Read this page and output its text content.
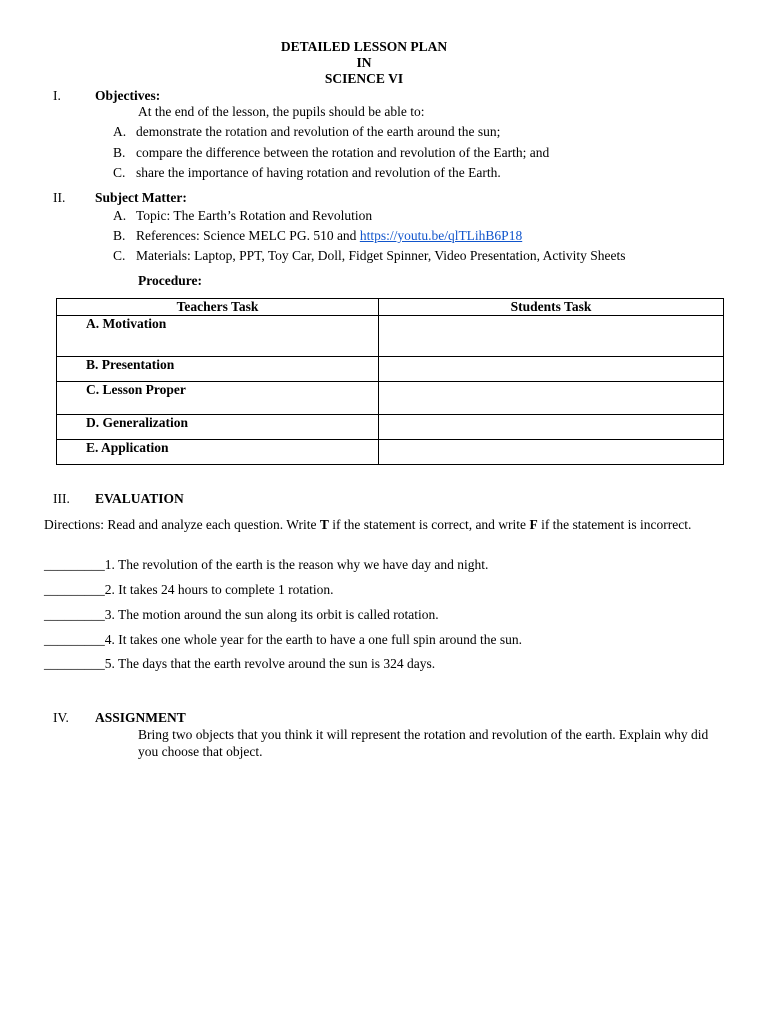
DETAILED LESSON PLAN
IN
SCIENCE VI
I.	Objectives:
At the end of the lesson, the pupils should be able to:
A. demonstrate the rotation and revolution of the earth around the sun;
B. compare the difference between the rotation and revolution of the Earth; and
C. share the importance of having rotation and revolution of the Earth.
II. Subject Matter:
A. Topic: The Earth’s Rotation and Revolution
B. References: Science MELC PG. 510 and https://youtu.be/qlTLihB6P18
C. Materials: Laptop, PPT, Toy Car, Doll, Fidget Spinner, Video Presentation, Activity Sheets
Procedure:
Teachers Task	Students Task
A. Motivation	
B. Presentation	
C. Lesson Proper	
D. Generalization	
E. Application	
III. EVALUATION
Directions: Read and analyze each question. Write T if the statement is correct, and write F if the statement is incorrect.
_________1. The revolution of the earth is the reason why we have day and night.
_________2. It takes 24 hours to complete 1 rotation.
_________3. The motion around the sun along its orbit is called rotation.
_________4. It takes one whole year for the earth to have a one full spin around the sun.
_________5. The days that the earth revolve around the sun is 324 days.
IV. ASSIGNMENT
Bring two objects that you think it will represent the rotation and revolution of the earth. Explain why did you choose that object.
